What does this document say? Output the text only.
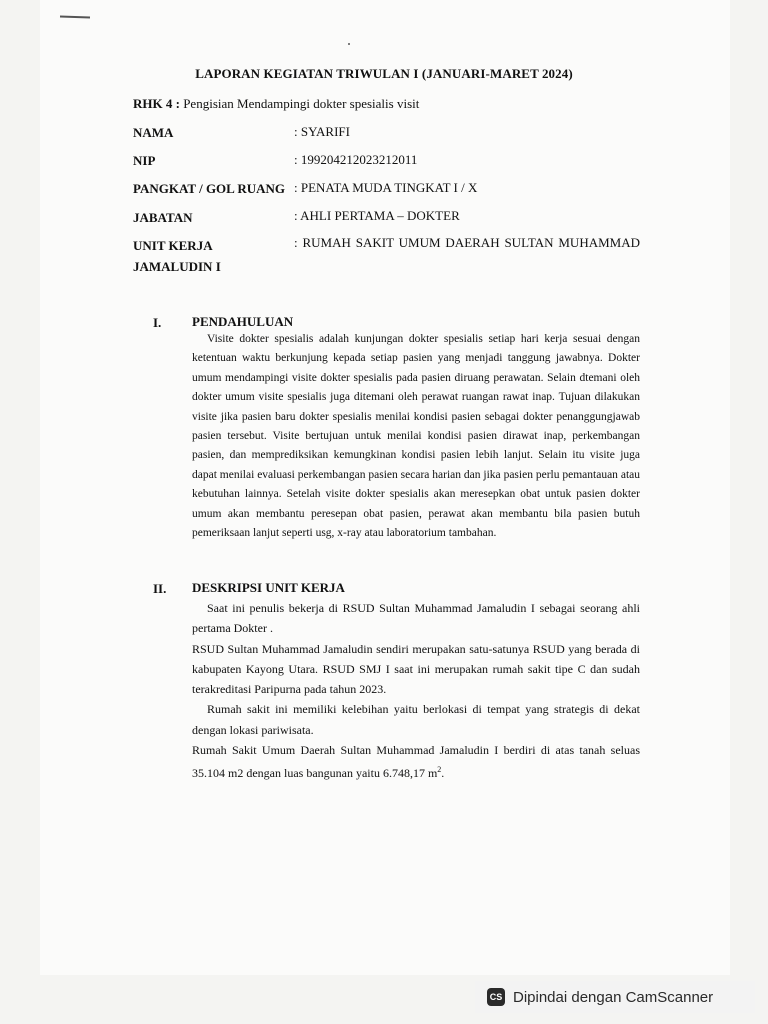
LAPORAN KEGIATAN TRIWULAN I (JANUARI-MARET 2024)
RHK 4 : Pengisian Mendampingi dokter spesialis visit
NAMA	: SYARIFI
NIP	: 199204212023212011
PANGKAT / GOL RUANG : PENATA MUDA TINGKAT I / X
JABATAN	: AHLI PERTAMA – DOKTER
UNIT KERJA	: RUMAH SAKIT UMUM DAERAH SULTAN MUHAMMAD
JAMALUDIN I
I. PENDAHULUAN

Visite dokter spesialis adalah kunjungan dokter spesialis setiap hari kerja sesuai dengan ketentuan waktu berkunjung kepada setiap pasien yang menjadi tanggung jawabnya. Dokter umum mendampingi visite dokter spesialis pada pasien diruang perawatan. Selain dtemani oleh dokter umum visite spesialis juga ditemani oleh perawat ruangan rawat inap. Tujuan dilakukan visite jika pasien baru dokter spesialis menilai kondisi pasien sebagai dokter penanggungjawab pasien tersebut. Visite bertujuan untuk menilai kondisi pasien dirawat inap, perkembangan pasien, dan memprediksikan kemungkinan kondisi pasien lebih lanjut. Selain itu visite juga dapat menilai evaluasi perkembangan pasien secara harian dan jika pasien perlu pemantauan atau kebutuhan lainnya. Setelah visite dokter spesialis akan meresepkan obat untuk pasien dokter umum akan membantu peresepan obat pasien, perawat akan membantu bila pasien butuh pemeriksaan lanjut seperti usg, x-ray atau laboratorium tambahan.

II. DESKRIPSI UNIT KERJA

Saat ini penulis bekerja di RSUD Sultan Muhammad Jamaludin I sebagai seorang ahli pertama Dokter .

RSUD Sultan Muhammad Jamaludin sendiri merupakan satu-satunya RSUD yang berada di kabupaten Kayong Utara. RSUD SMJ I saat ini merupakan rumah sakit tipe C dan sudah terakreditasi Paripurna pada tahun 2023.

Rumah sakit ini memiliki kelebihan yaitu berlokasi di tempat yang strategis di dekat dengan lokasi pariwisata.

Rumah Sakit Umum Daerah Sultan Muhammad Jamaludin I berdiri di atas tanah seluas 35.104 m2 dengan luas bangunan yaitu 6.748,17 $m^2$.

CS Dipindai dengan CamScanner
